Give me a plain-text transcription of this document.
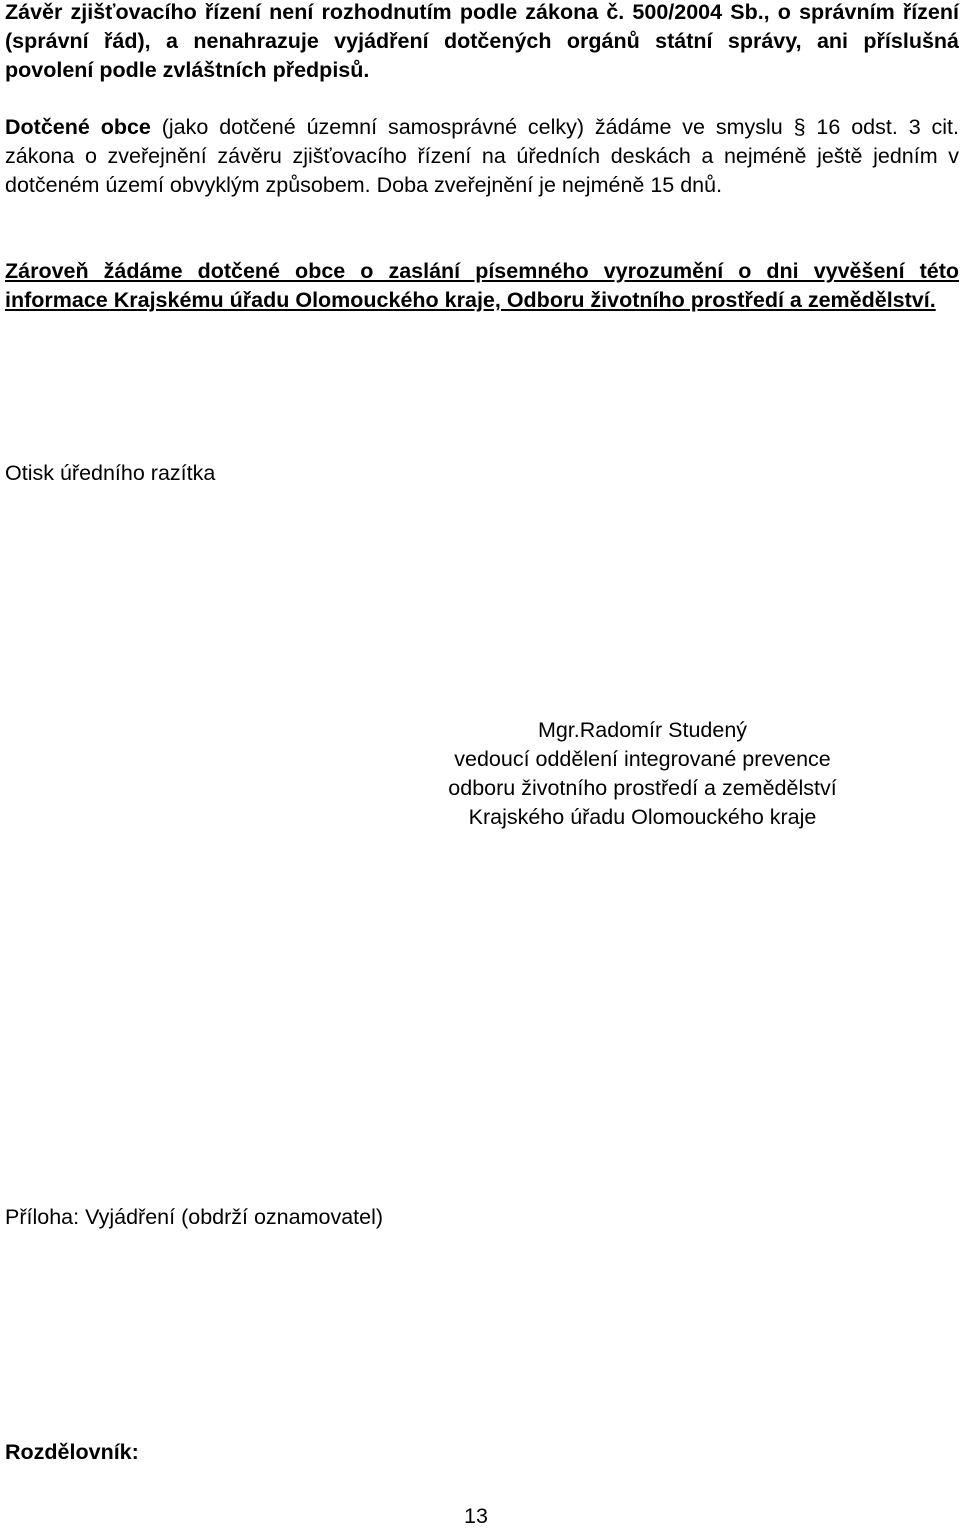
Závěr zjišťovacího řízení není rozhodnutím podle zákona č. 500/2004 Sb., o správním řízení (správní řád), a nenahrazuje vyjádření dotčených orgánů státní správy, ani příslušná povolení podle zvláštních předpisů.

Dotčené obce (jako dotčené územní samosprávné celky) žádáme ve smyslu § 16 odst. 3 cit. zákona o zveřejnění závěru zjišťovacího řízení na úředních deskách a nejméně ještě jedním v dotčeném území obvyklým způsobem. Doba zveřejnění je nejméně 15 dnů.

Zároveň žádáme dotčené obce o zaslání písemného vyrozumění o dni vyvěšení této informace Krajskému úřadu Olomouckého kraje, Odboru životního prostředí a zemědělství.

Otisk úředního razítka
Mgr.Radomír Studený
vedoucí oddělení integrované prevence
odboru životního prostředí a zemědělství
Krajského úřadu Olomouckého kraje
Příloha: Vyjádření (obdrží oznamovatel)
Rozdělovník:
13
